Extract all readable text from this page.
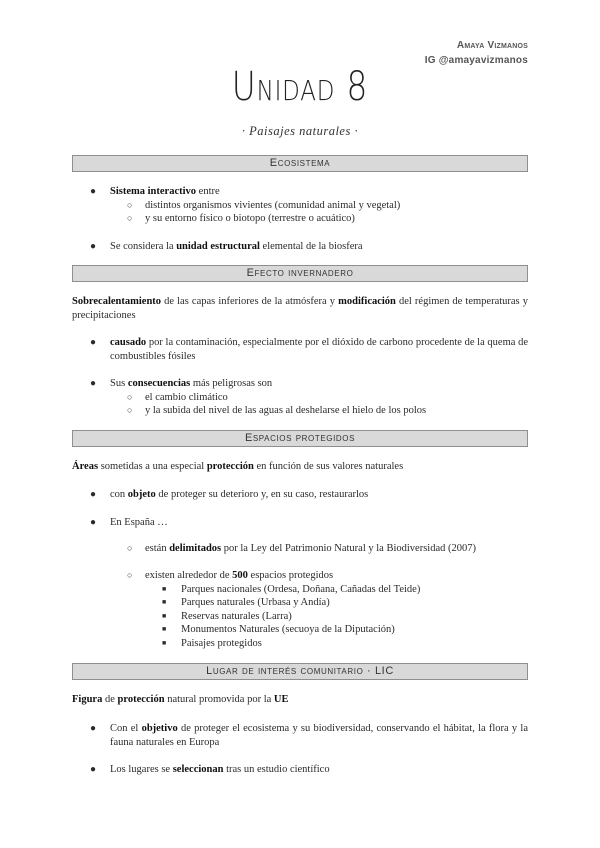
Amaya Vizmanos
IG @amayavizmanos
Unidad 8
· Paisajes naturales ·
Ecosistema
● Sistema interactivo entre
○ distintos organismos vivientes (comunidad animal y vegetal)
○ y su entorno físico o biotopo (terrestre o acuático)
● Se considera la unidad estructural elemental de la biosfera
Efecto invernadero
Sobrecalentamiento de las capas inferiores de la atmósfera y modificación del régimen de temperaturas y precipitaciones
● causado por la contaminación, especialmente por el dióxido de carbono procedente de la quema de combustibles fósiles
● Sus consecuencias más peligrosas son
○ el cambio climático
○ y la subida del nivel de las aguas al deshelarse el hielo de los polos
Espacios protegidos
Áreas sometidas a una especial protección en función de sus valores naturales
● con objeto de proteger su deterioro y, en su caso, restaurarlos
● En España …
○ están delimitados por la Ley del Patrimonio Natural y la Biodiversidad (2007)
○ existen alrededor de 500 espacios protegidos
■ Parques nacionales (Ordesa, Doñana, Cañadas del Teide)
■ Parques naturales (Urbasa y Andía)
■ Reservas naturales (Larra)
■ Monumentos Naturales (secuoya de la Diputación)
■ Paisajes protegidos
Lugar de interés comunitario · LIC
Figura de protección natural promovida por la UE
● Con el objetivo de proteger el ecosistema y su biodiversidad, conservando el hábitat, la flora y la fauna naturales en Europa
● Los lugares se seleccionan tras un estudio científico
